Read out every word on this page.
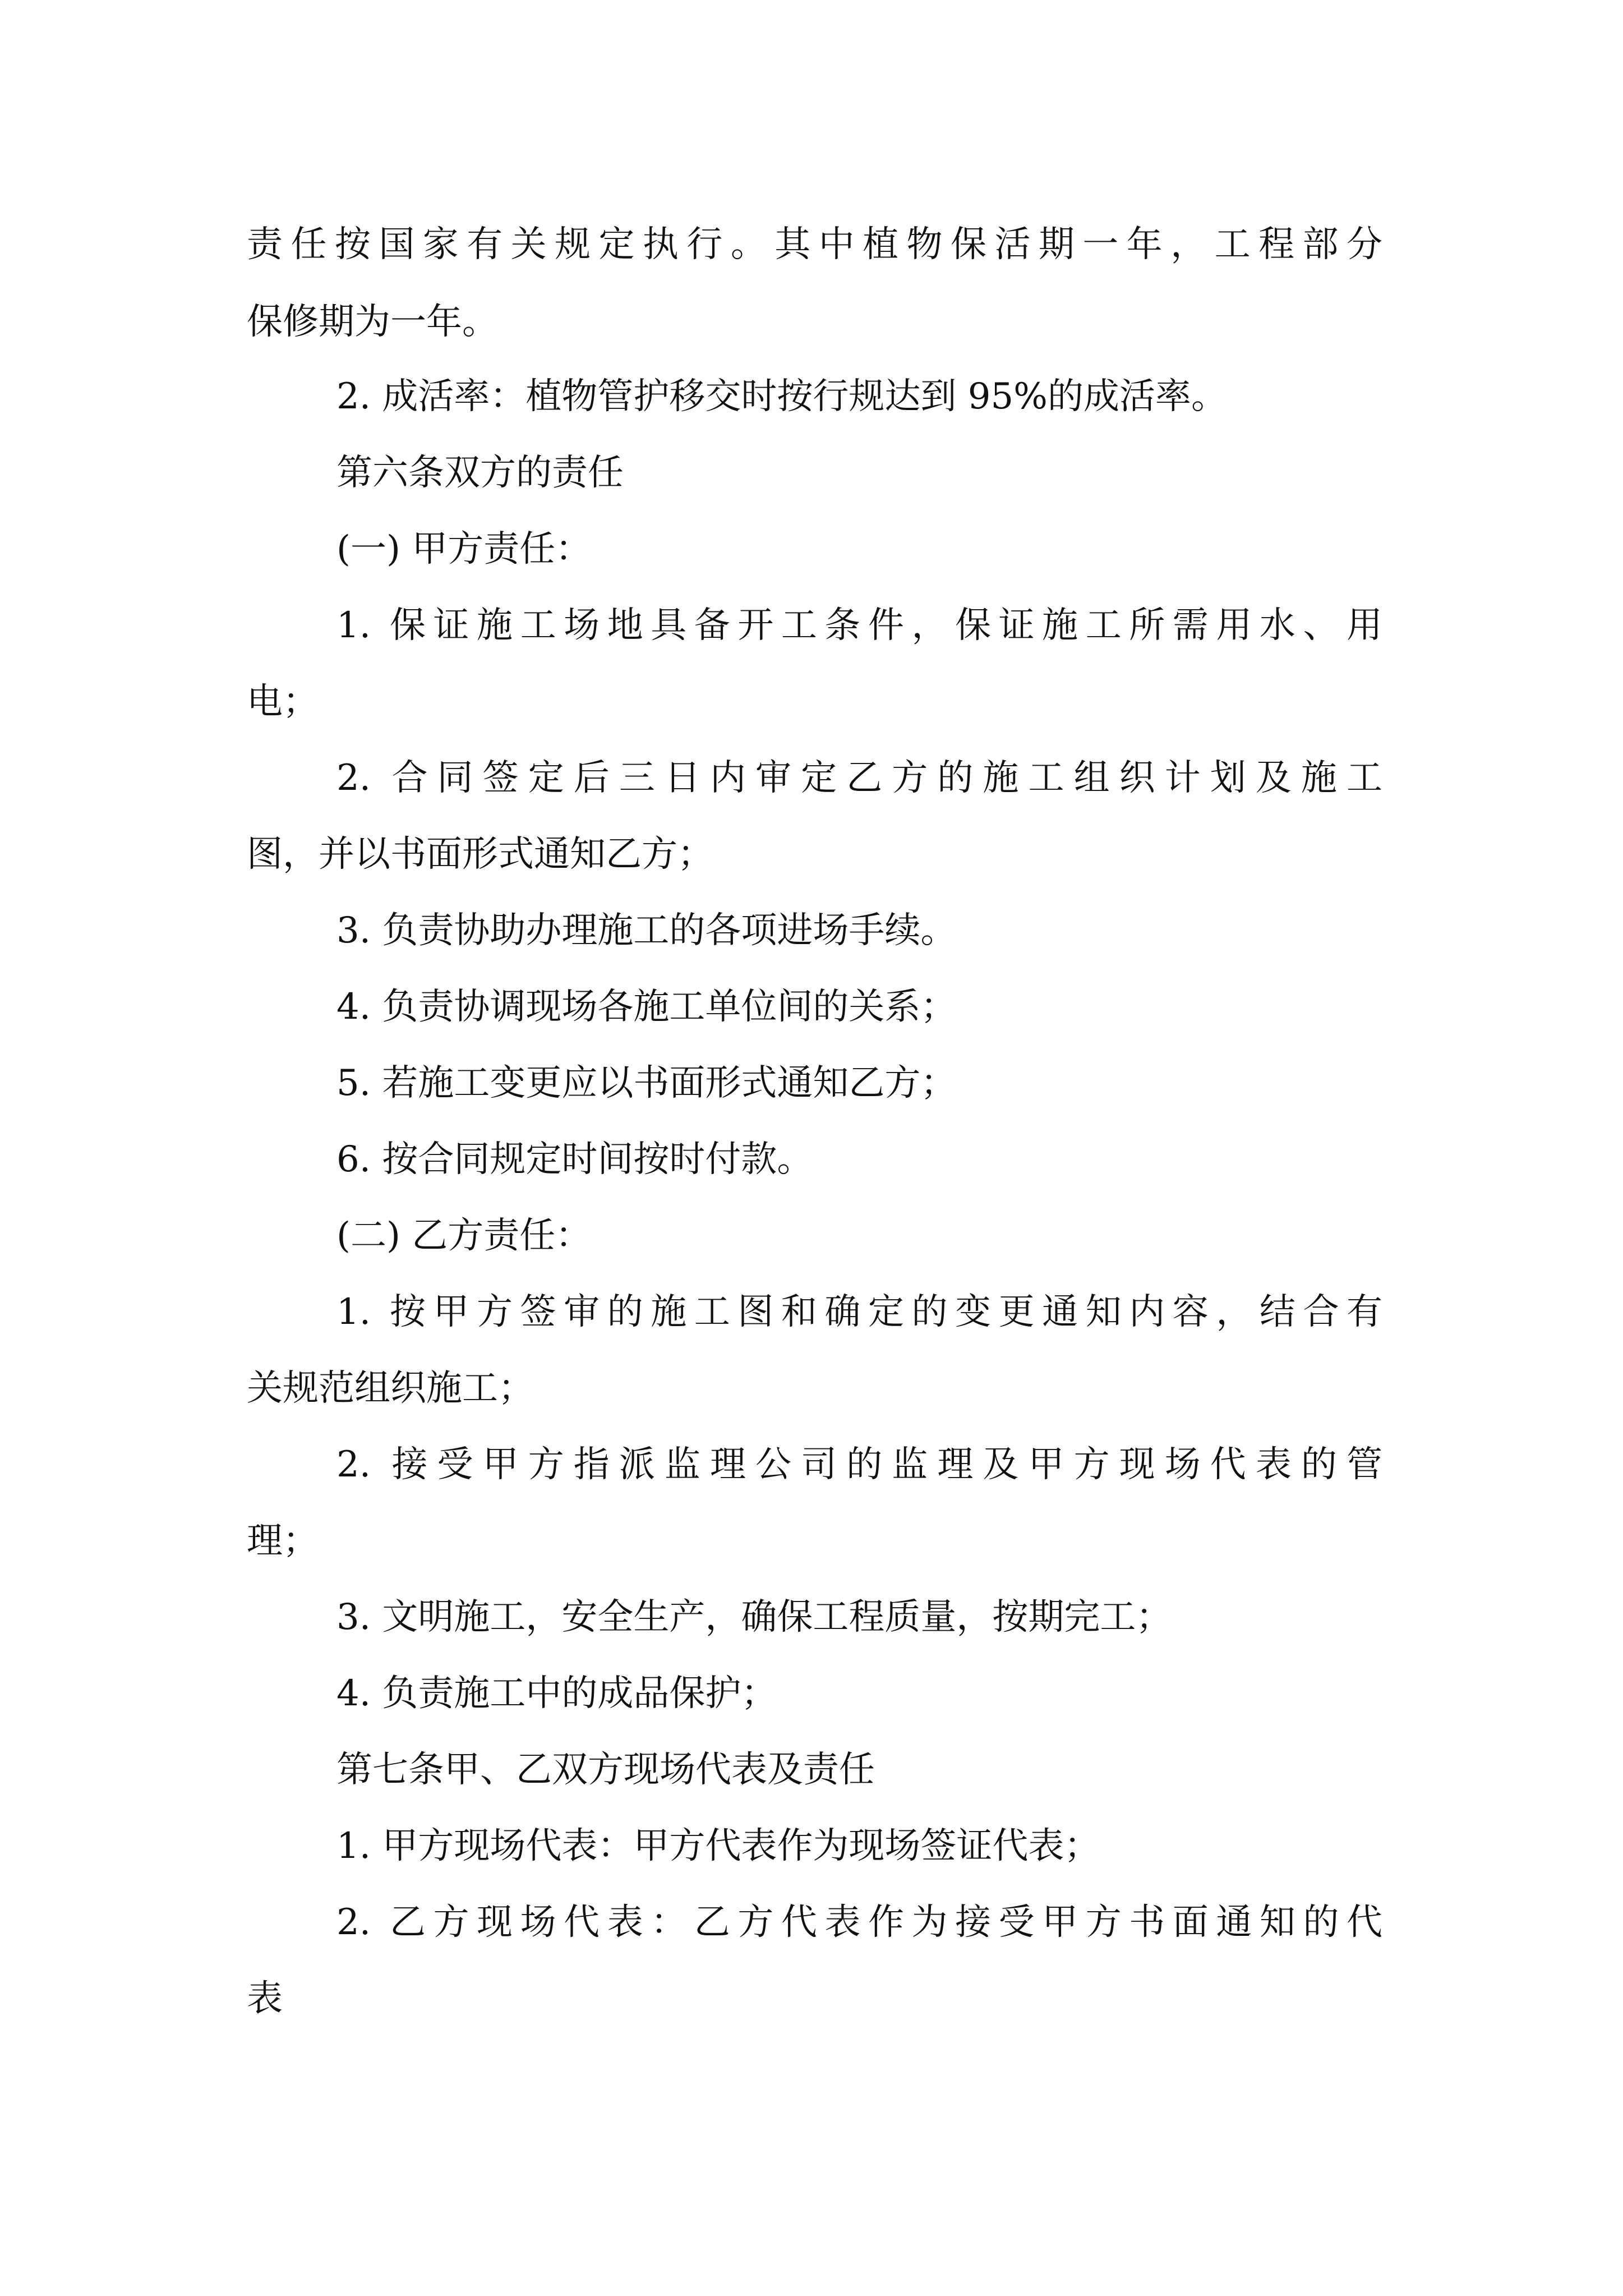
责任按国家有关规定执行。其中植物保活期一年，工程部分

保修期为一年。

2. 成活率：植物管护移交时按行规达到 95%的成活率。

第六条双方的责任

(一) 甲方责任：

1. 保证施工场地具备开工条件，保证施工所需用水、用

电；

2. 合同签定后三日内审定乙方的施工组织计划及施工

图，并以书面形式通知乙方；

3. 负责协助办理施工的各项进场手续。

4. 负责协调现场各施工单位间的关系；

5. 若施工变更应以书面形式通知乙方；

6. 按合同规定时间按时付款。

(二) 乙方责任：

1. 按甲方签审的施工图和确定的变更通知内容，结合有

关规范组织施工；

2. 接受甲方指派监理公司的监理及甲方现场代表的管

理；

3. 文明施工，安全生产，确保工程质量，按期完工；

4. 负责施工中的成品保护；

第七条甲、乙双方现场代表及责任

1. 甲方现场代表：甲方代表作为现场签证代表；

2. 乙方现场代表：乙方代表作为接受甲方书面通知的代

表
